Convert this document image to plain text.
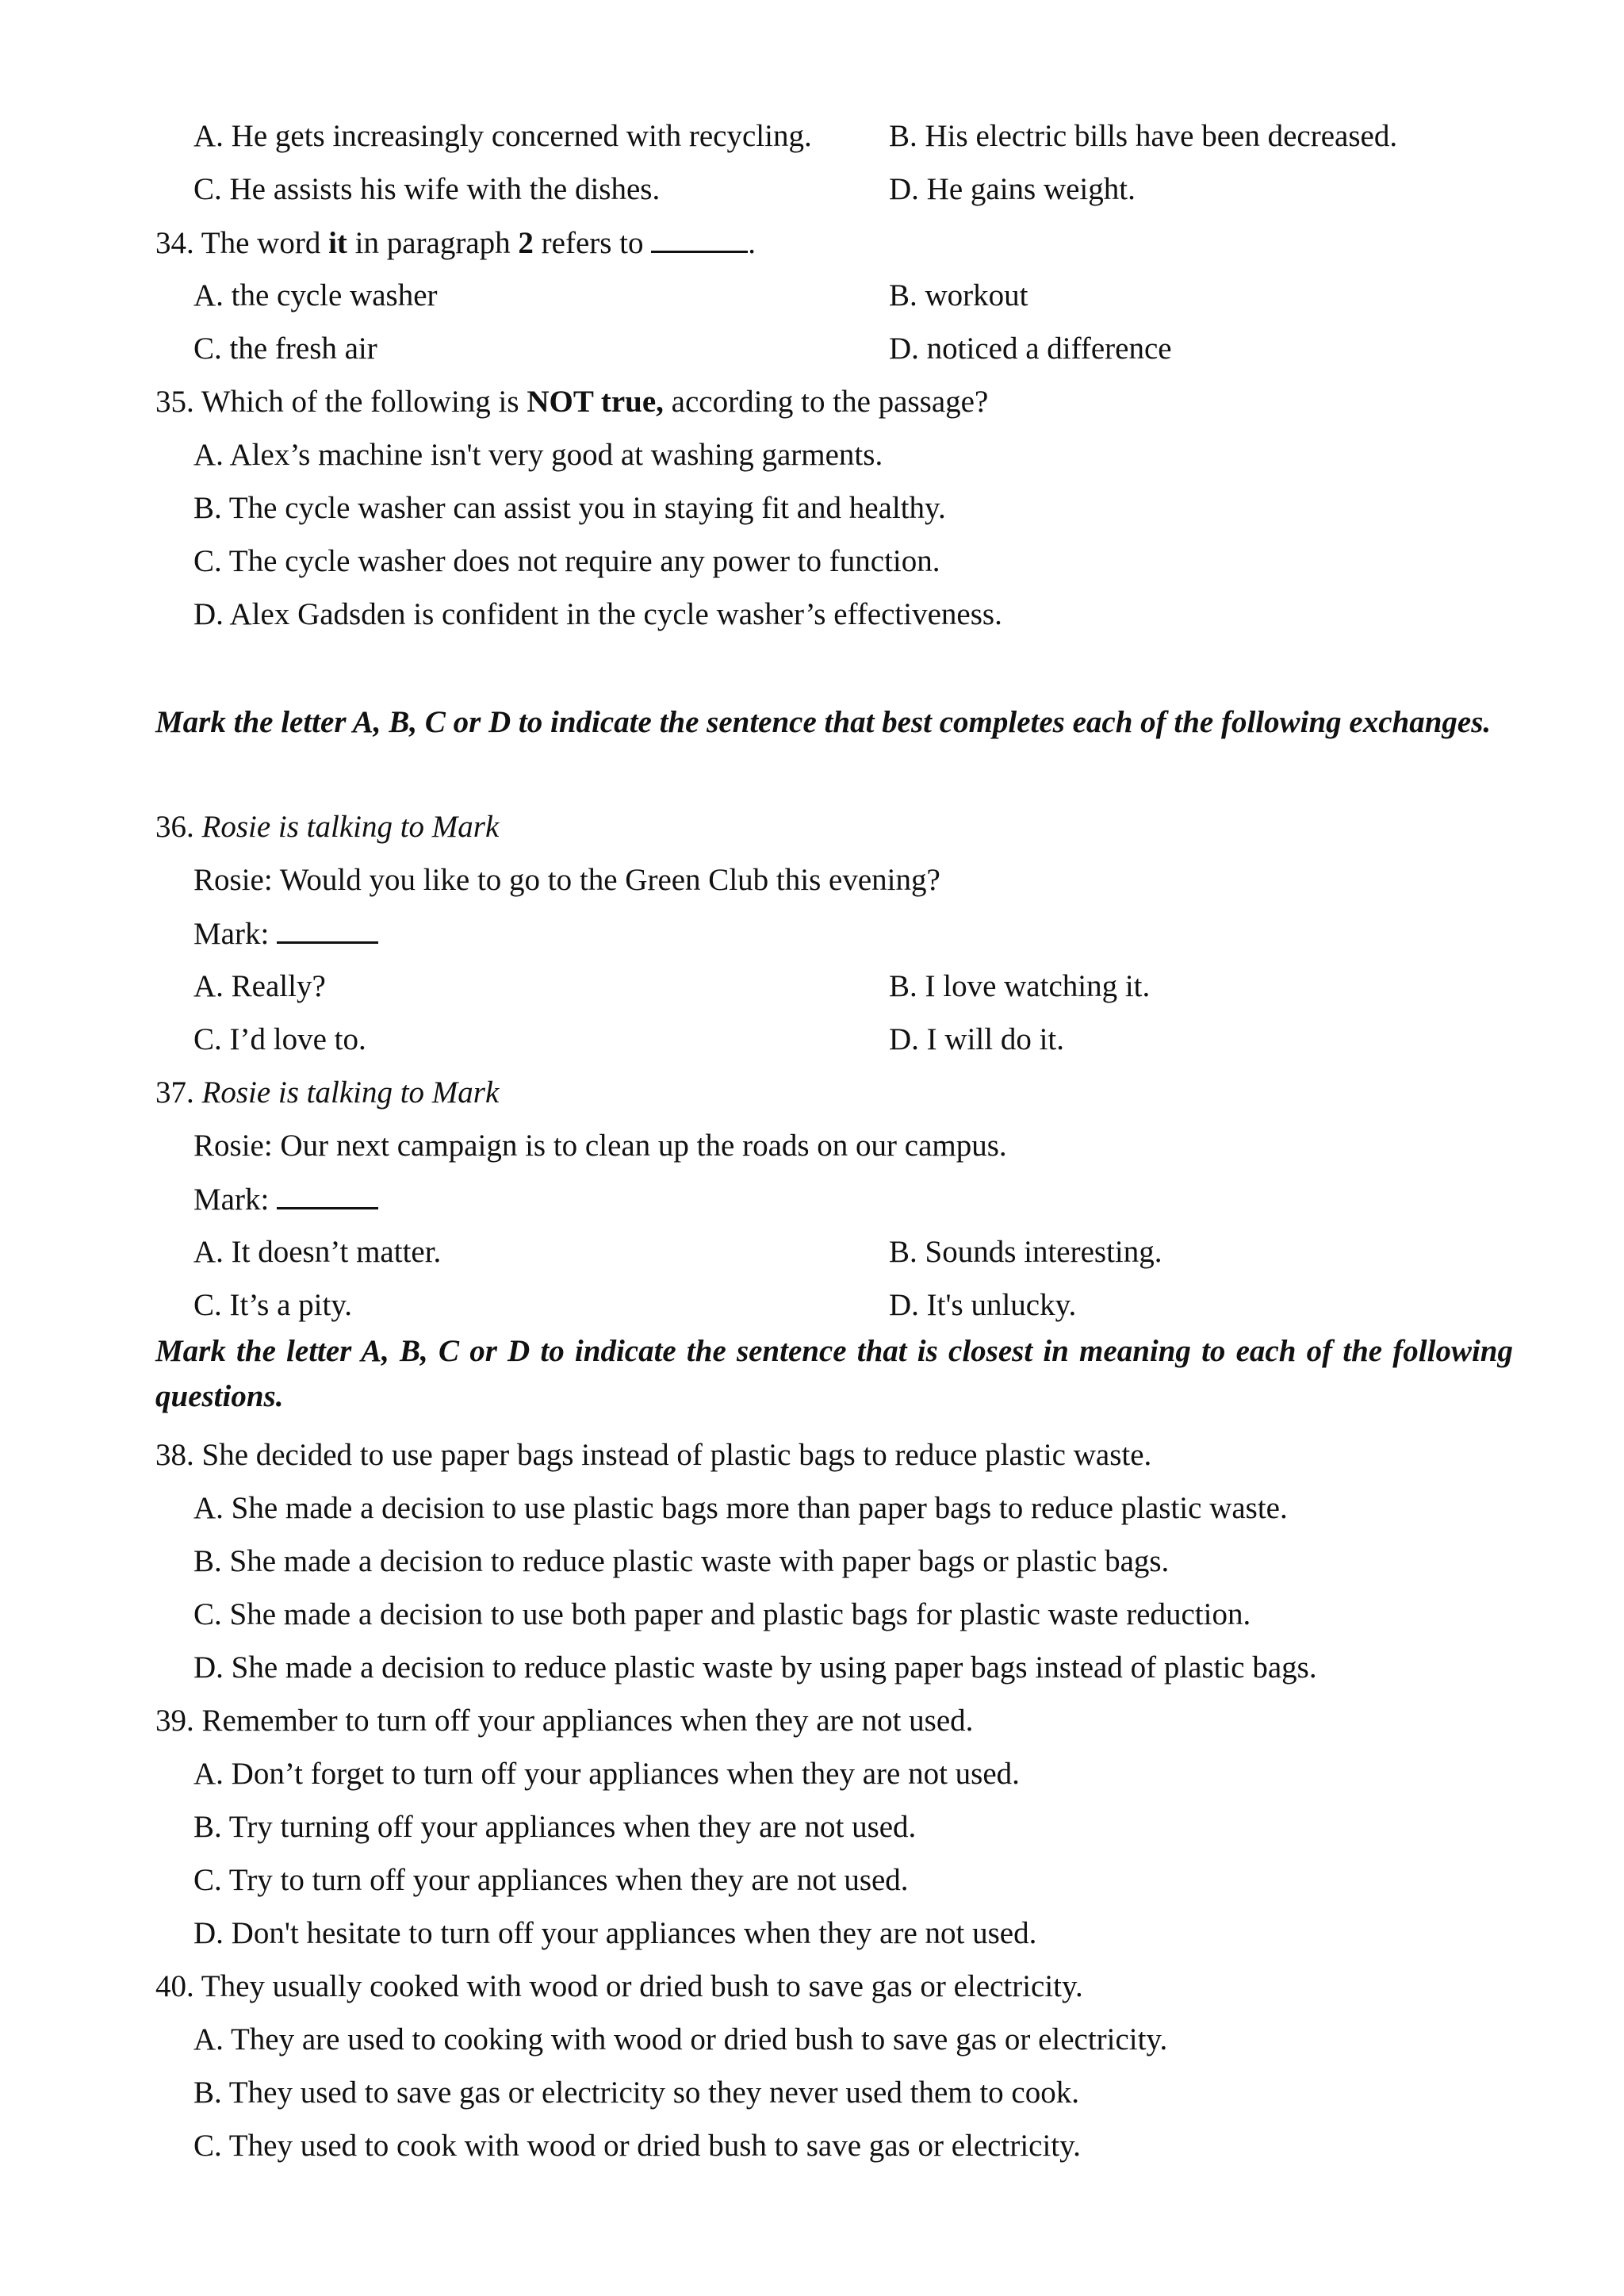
A. He gets increasingly concerned with recycling. B. His electric bills have been decreased.
C. He assists his wife with the dishes.	D. He gains weight.
34. The word it in paragraph 2 refers to	.
A. the cycle washer	B. workout
C. the fresh air	D. noticed a difference
35. Which of the following is NOT true, according to the passage?
A. Alex’s machine isn't very good at washing garments.
B. The cycle washer can assist you in staying fit and healthy.
C. The cycle washer does not require any power to function.
D. Alex Gadsden is confident in the cycle washer’s effectiveness.
Mark the letter A, B, C or D to indicate the sentence that best completes each of the following exchanges.
36. Rosie is talking to Mark
Rosie: Would you like to go to the Green Club this evening?
Mark:
A. Really?	B. I love watching it.
C. I’d love to.	D. I will do it.
37. Rosie is talking to Mark
Rosie: Our next campaign is to clean up the roads on our campus.
Mark:
A. It doesn’t matter.	B. Sounds interesting.
C. It’s a pity.	D. It's unlucky.
Mark the letter A, B, C or D to indicate the sentence that is closest in meaning to each of the following questions.
38. She decided to use paper bags instead of plastic bags to reduce plastic waste.
A. She made a decision to use plastic bags more than paper bags to reduce plastic waste.
B. She made a decision to reduce plastic waste with paper bags or plastic bags.
C. She made a decision to use both paper and plastic bags for plastic waste reduction.
D. She made a decision to reduce plastic waste by using paper bags instead of plastic bags.
39. Remember to turn off your appliances when they are not used.
A. Don’t forget to turn off your appliances when they are not used.
B. Try turning off your appliances when they are not used.
C. Try to turn off your appliances when they are not used.
D. Don't hesitate to turn off your appliances when they are not used.
40. They usually cooked with wood or dried bush to save gas or electricity.
A. They are used to cooking with wood or dried bush to save gas or electricity.
B. They used to save gas or electricity so they never used them to cook.
C. They used to cook with wood or dried bush to save gas or electricity.
